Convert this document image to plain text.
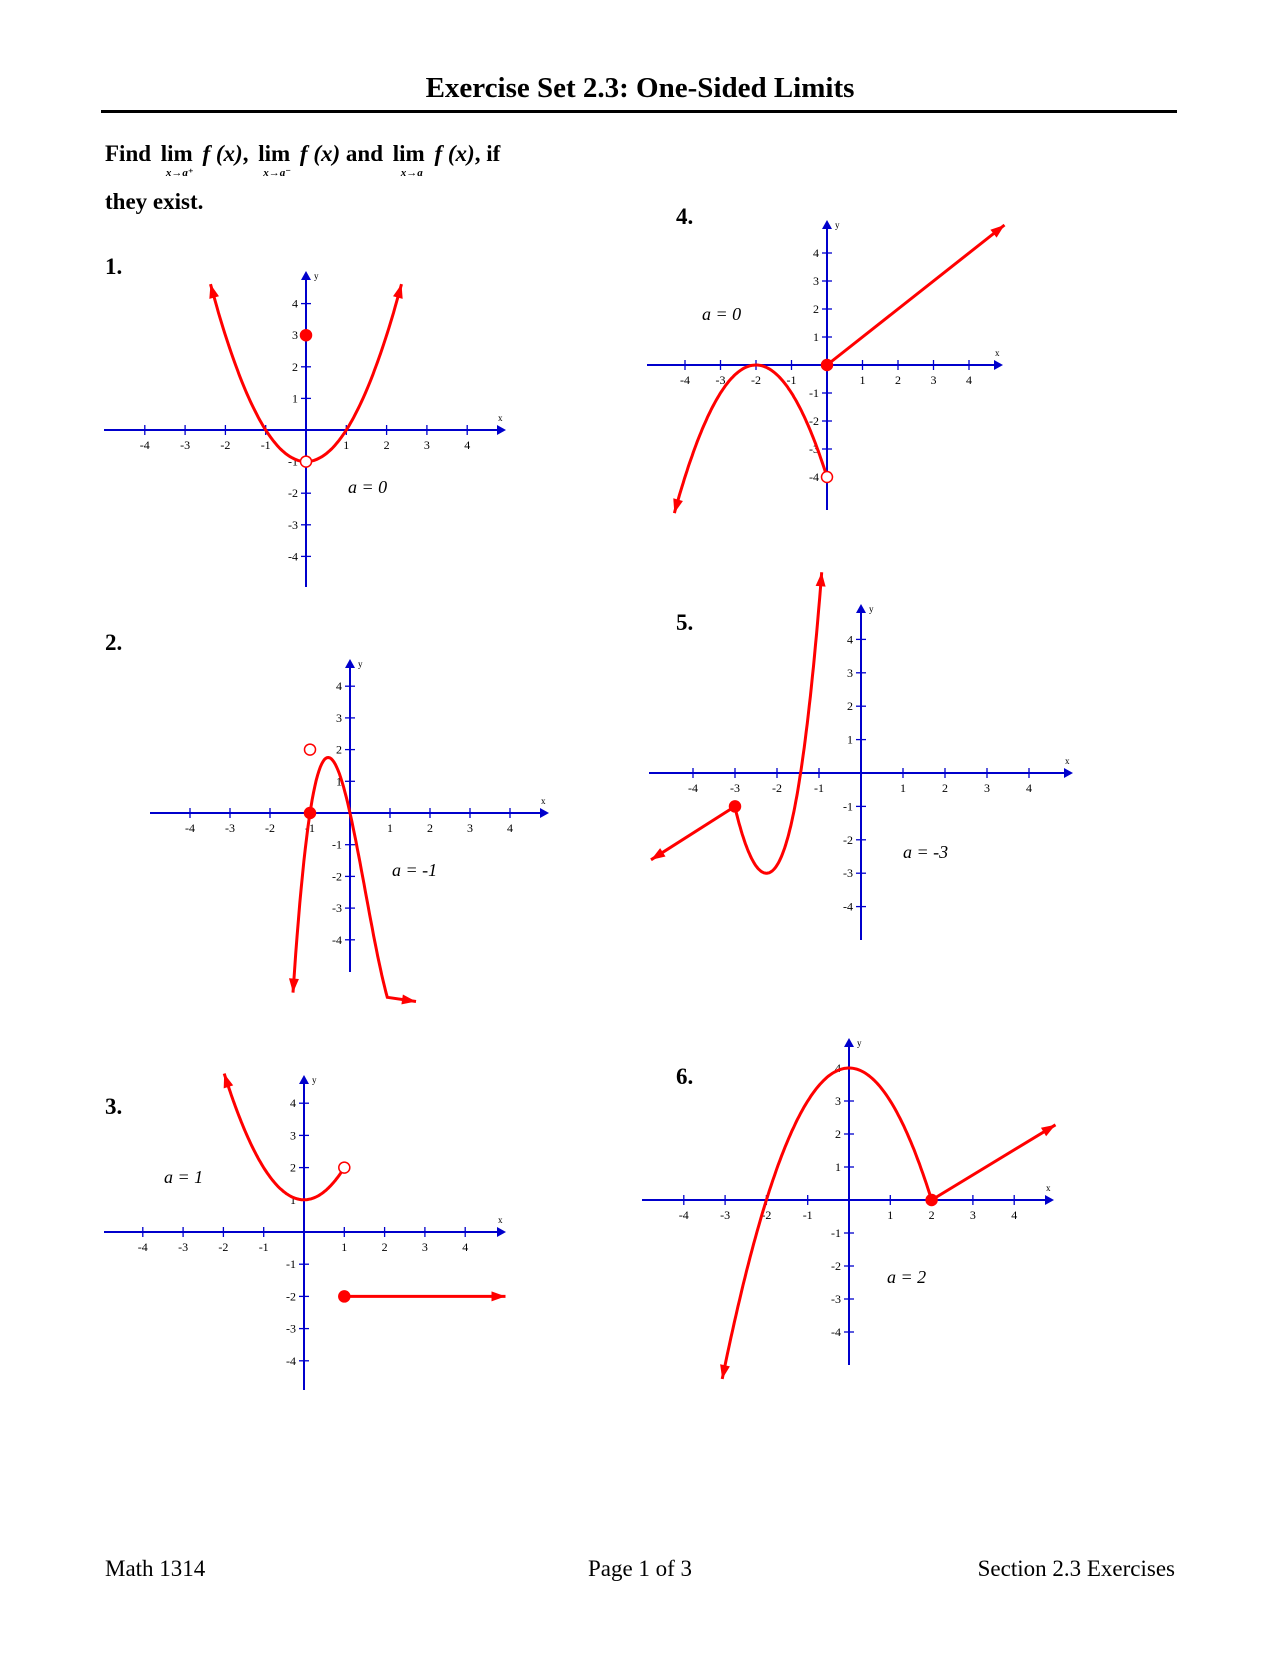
Exercise Set 2.3: One-Sided Limits
Find lim
x→a⁺
f (x), lim
x→a⁻
f (x) and lim
x→a
f (x), if
they exist.
1.
2.
3.
4.
5.
6.
x
y
-4
-4
-3
-3
-2
-2
-1
-1
1
1
2
2
3
3
4
4
a = 0
x
y
-4
-4
-3
-3
-2
-2
-1
-1
1
1
2
2
3
3
4
4
a = -1
x
y
-4
-4
-3
-3
-2
-2
-1
-1
1
1
2
2
3
3
4
4
a = 1
x
y
-4
-4
-3
-3
-2
-2
-1
-1
1
1
2
2
3
3
4
4
a = 0
x
y
-4
-4
-3
-3
-2
-2
-1
-1
1
1
2
2
3
3
4
4
a = -3
x
y
-4
-4
-3
-3
-2
-2
-1
-1
1
1
2
2
3
3
4
4
a = 2
Math 1314	Page 1 of 3	Section 2.3 Exercises
